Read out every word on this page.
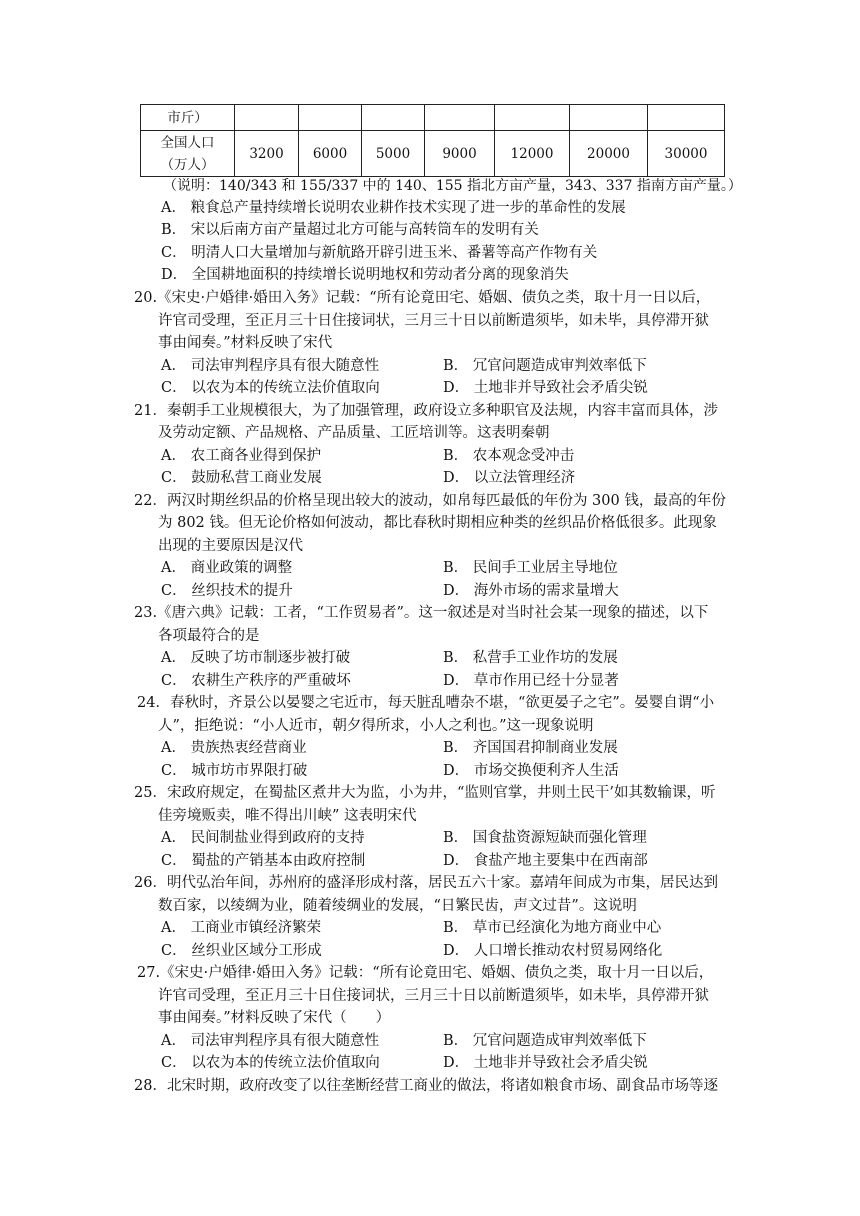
市斤）							

全国人口
（万人）	3200	6000	5000	9000	12000	20000	30000
（说明：140/343 和 155/337 中的 140、155 指北方亩产量，343、337 指南方亩产量。）
A． 粮食总产量持续增长说明农业耕作技术实现了进一步的革命性的发展
B． 宋以后南方亩产量超过北方可能与高转筒车的发明有关
C． 明清人口大量增加与新航路开辟引进玉米、番薯等高产作物有关
D． 全国耕地面积的持续增长说明地权和劳动者分离的现象消失
20.《宋史·户婚律·婚田入务》记载：“所有论竟田宅、婚姻、债负之类，取十月一日以后，
许官司受理，至正月三十日住接词状，三月三十日以前断遣须毕，如未毕，具停滞开狱
事由闻奏。”材料反映了宋代
A． 司法审判程序具有很大随意性	B． 冗官问题造成审判效率低下
C． 以农为本的传统立法价值取向	D． 土地非并导致社会矛盾尖锐
21．秦朝手工业规模很大，为了加强管理，政府设立多种职官及法规，内容丰富而具体，涉
及劳动定额、产品规格、产品质量、工匠培训等。这表明秦朝
A． 农工商各业得到保护	B． 农本观念受冲击
C． 鼓励私营工商业发展	D． 以立法管理经济
22．两汉时期丝织品的价格呈现出较大的波动，如帛每匹最低的年份为 300 钱，最高的年份
为 802 钱。但无论价格如何波动，都比春秋时期相应种类的丝织品价格低很多。此现象
出现的主要原因是汉代
A． 商业政策的调整	B． 民间手工业居主导地位
C． 丝织技术的提升	D． 海外市场的需求量增大
23.《唐六典》记载：工者，“工作贸易者”。这一叙述是对当时社会某一现象的描述，以下
各项最符合的是
A． 反映了坊市制逐步被打破	B． 私营手工业作坊的发展
C． 农耕生产秩序的严重破坏	D． 草市作用已经十分显著
24．春秋时，齐景公以晏婴之宅近市，每天脏乱嘈杂不堪，“欲更晏子之宅”。晏婴自谓“小
人”，拒绝说：“小人近市，朝夕得所求，小人之利也。”这一现象说明
A． 贵族热衷经营商业	B． 齐国国君抑制商业发展
C． 城市坊市界限打破	D． 市场交换便利齐人生活
25．宋政府规定，在蜀盐区煮井大为监，小为井，“监则官掌，井则土民干’如其数输课，听
佳旁境贩卖，唯不得出川峡” 这表明宋代
A． 民间制盐业得到政府的支持	B． 国食盐资源短缺而强化管理
C． 蜀盐的产销基本由政府控制	D． 食盐产地主要集中在西南部
26．明代弘治年间，苏州府的盛泽形成村落，居民五六十家。嘉靖年间成为市集，居民达到
数百家，以绫绸为业，随着绫绸业的发展，“日繁民齿，声文过昔”。这说明
A． 工商业市镇经济繁荣	B． 草市已经演化为地方商业中心
C． 丝织业区域分工形成	D． 人口增长推动农村贸易网络化
27.《宋史·户婚律·婚田入务》记载：“所有论竟田宅、婚姻、债负之类，取十月一日以后，
许官司受理，至正月三十日住接词状，三月三十日以前断遣须毕，如未毕，具停滞开狱
事由闻奏。”材料反映了宋代（　　）
A． 司法审判程序具有很大随意性	B． 冗官问题造成审判效率低下
C． 以农为本的传统立法价值取向	D． 土地非并导致社会矛盾尖锐
28．北宋时期，政府改变了以往垄断经营工商业的做法，将诸如粮食市场、副食品市场等逐
